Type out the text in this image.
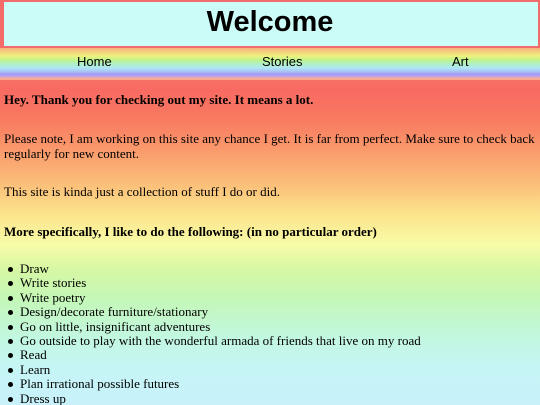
Welcome
Home	Stories	Art

Hey. Thank you for checking out my site. It means a lot.

Please note, I am working on this site any chance I get. It is far from perfect. Make sure to check back regularly for new content.

This site is kinda just a collection of stuff I do or did.

More specifically, I like to do the following: (in no particular order)

Draw
Write stories
Write poetry
Design/decorate furniture/stationary
Go on little, insignificant adventures
Go outside to play with the wonderful armada of friends that live on my road
Read
Learn
Plan irrational possible futures
Dress up
